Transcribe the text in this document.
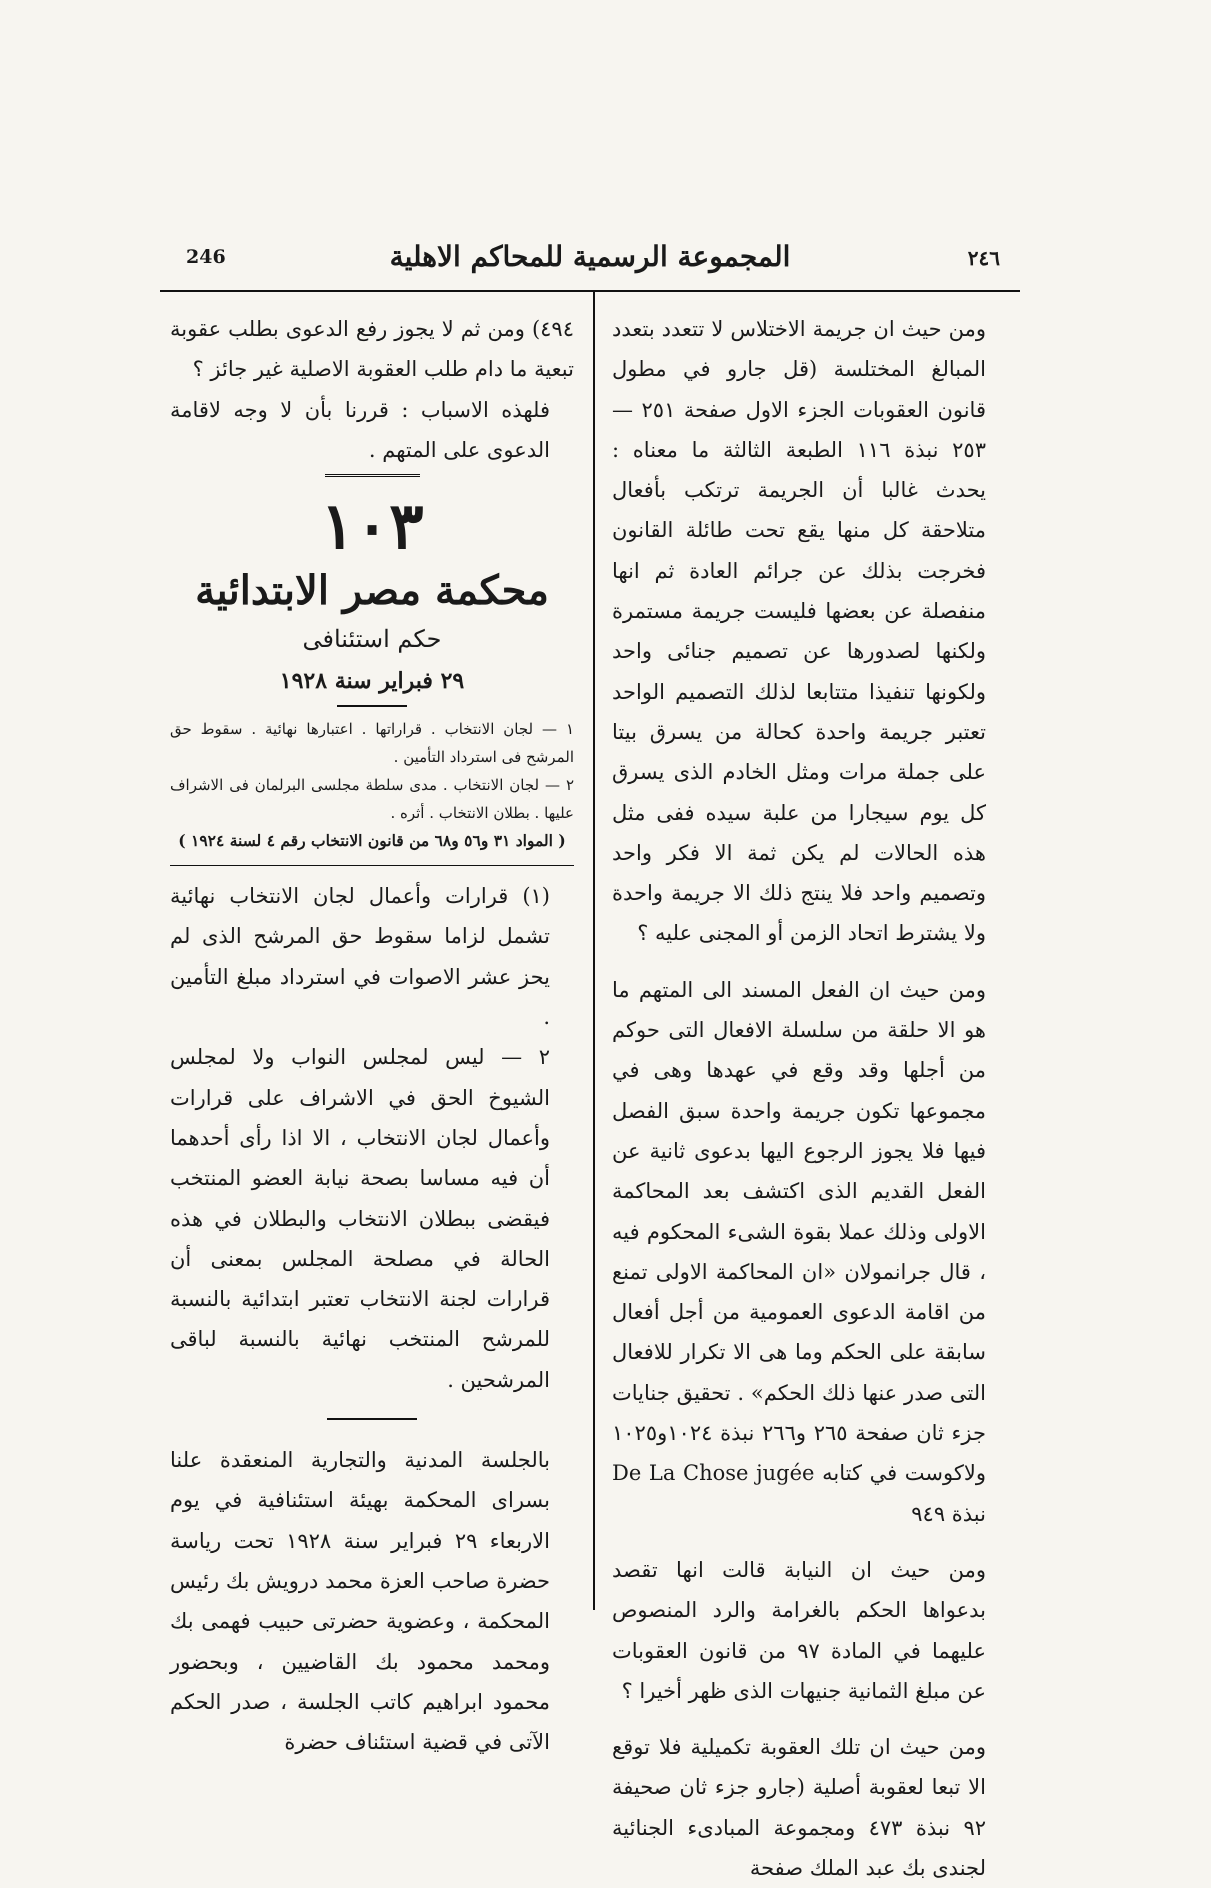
246	المجموعة الرسمية للمحاكم الاهلية	٢٤٦

ومن حيث ان جريمة الاختلاس لا تتعدد بتعدد المبالغ المختلسة (قل جارو في مطول قانون العقوبات الجزء الاول صفحة ٢٥١ — ٢٥٣ نبذة ١١٦ الطبعة الثالثة ما معناه : يحدث غالبا أن الجريمة ترتكب بأفعال متلاحقة كل منها يقع تحت طائلة القانون فخرجت بذلك عن جرائم العادة ثم انها منفصلة عن بعضها فليست جريمة مستمرة ولكنها لصدورها عن تصميم جنائى واحد ولكونها تنفيذا متتابعا لذلك التصميم الواحد تعتبر جريمة واحدة كحالة من يسرق بيتا على جملة مرات ومثل الخادم الذى يسرق كل يوم سيجارا من علبة سيده ففى مثل هذه الحالات لم يكن ثمة الا فكر واحد وتصميم واحد فلا ينتج ذلك الا جريمة واحدة ولا يشترط اتحاد الزمن أو المجنى عليه ؟

ومن حيث ان الفعل المسند الى المتهم ما هو الا حلقة من سلسلة الافعال التى حوكم من أجلها وقد وقع في عهدها وهى في مجموعها تكون جريمة واحدة سبق الفصل فيها فلا يجوز الرجوع اليها بدعوى ثانية عن الفعل القديم الذى اكتشف بعد المحاكمة الاولى وذلك عملا بقوة الشىء المحكوم فيه ، قال جرانمولان «ان المحاكمة الاولى تمنع من اقامة الدعوى العمومية من أجل أفعال سابقة على الحكم وما هى الا تكرار للافعال التى صدر عنها ذلك الحكم» . تحقيق جنايات جزء ثان صفحة ٢٦٥ و٢٦٦ نبذة ١٠٢٤و١٠٢٥ ولاكوست في كتابه De La Chose jugée نبذة ٩٤٩

ومن حيث ان النيابة قالت انها تقصد بدعواها الحكم بالغرامة والرد المنصوص عليهما في المادة ٩٧ من قانون العقوبات عن مبلغ الثمانية جنيهات الذى ظهر أخيرا ؟

ومن حيث ان تلك العقوبة تكميلية فلا توقع الا تبعا لعقوبة أصلية (جارو جزء ثان صحيفة ٩٢ نبذة ٤٧٣ ومجموعة المبادىء الجنائية لجندى بك عبد الملك صفحة

٤٩٤) ومن ثم لا يجوز رفع الدعوى بطلب عقوبة تبعية ما دام طلب العقوبة الاصلية غير جائز ؟

فلهذه الاسباب : قررنا بأن لا وجه لاقامة الدعوى على المتهم .

١٠٣
محكمة مصر الابتدائية
حكم استئنافى
٢٩ فبراير سنة ١٩٢٨

١ — لجان الانتخاب . قراراتها . اعتبارها نهائية . سقوط حق المرشح فى استرداد التأمين .

٢ — لجان الانتخاب . مدى سلطة مجلسى البرلمان فى الاشراف عليها . بطلان الانتخاب . أثره .

( المواد ٣١ و٥٦ و٦٨ من قانون الانتخاب رقم ٤ لسنة ١٩٢٤ )

(١) قرارات وأعمال لجان الانتخاب نهائية تشمل لزاما سقوط حق المرشح الذى لم يحز عشر الاصوات في استرداد مبلغ التأمين .

٢ — ليس لمجلس النواب ولا لمجلس الشيوخ الحق في الاشراف على قرارات وأعمال لجان الانتخاب ، الا اذا رأى أحدهما أن فيه مساسا بصحة نيابة العضو المنتخب فيقضى ببطلان الانتخاب والبطلان في هذه الحالة في مصلحة المجلس بمعنى أن قرارات لجنة الانتخاب تعتبر ابتدائية بالنسبة للمرشح المنتخب نهائية بالنسبة لباقى المرشحين .

بالجلسة المدنية والتجارية المنعقدة علنا بسراى المحكمة بهيئة استئنافية في يوم الاربعاء ٢٩ فبراير سنة ١٩٢٨ تحت رياسة حضرة صاحب العزة محمد درويش بك رئيس المحكمة ، وعضوية حضرتى حبيب فهمى بك ومحمد محمود بك القاضيين ، وبحضور محمود ابراهيم كاتب الجلسة ، صدر الحكم الآتى في قضية استئناف حضرة
